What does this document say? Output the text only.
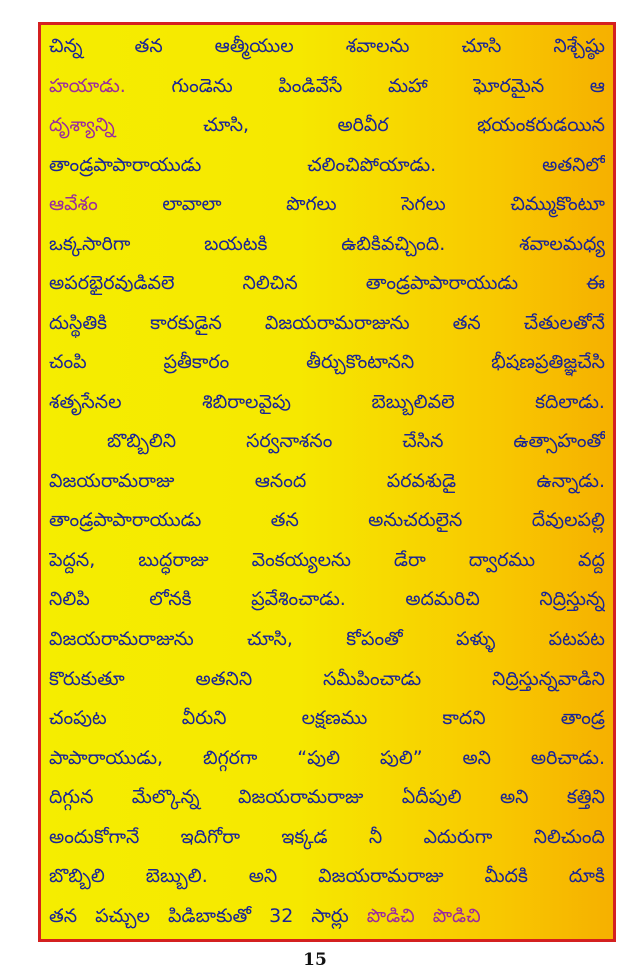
చిన్న	తన	ఆత్మీయుల	శవాలను	చూసి	నిశ్చేష్ఠు
హయాడు. గుండెను పిండివేసే మహా ఘోరమైన ఆ
దృశ్యాన్ని	చూసి,	అరివీర	భయంకరుడయిన
తాండ్రపాపారాయుడు	చలించిపోయాడు.	అతనిలో
ఆవేశం	లావాలా	పొగలు	సెగలు	చిమ్ముకొంటూ
ఒక్కసారిగా	బయటకి	ఉబికివచ్చింది.	శవాలమధ్య
అపరభైరవుడివలె	నిలిచిన	తాండ్రపాపారాయుడు	ఈ
దుస్థితికి కారకుడైన విజయరామరాజును తన చేతులతోనే
చంపి	ప్రతీకారం	తీర్చుకొంటానని	భీషణప్రతిజ్ఞచేసి
శతృసేనల	శిబిరాలవైపు	బెబ్బులివలె	కదిలాడు.
బొబ్బిలిని	సర్వనాశనం	చేసిన	ఉత్సాహంతో
విజయరామరాజు	ఆనంద	పరవశుడై	ఉన్నాడు.
తాండ్రపాపారాయుడు	తన	అనుచరులైన	దేవులపల్లి
పెద్దన, బుద్ధరాజు వెంకయ్యలను డేరా ద్వారము వద్ద
నిలిపి	లోనకి	ప్రవేశించాడు.	అదమరిచి	నిద్రిస్తున్న
విజయరామరాజును	చూసి,	కోపంతో	పళ్ళు	పటపట
కొరుకుతూ	అతనిని	సమీపించాడు	నిద్రిస్తున్నవాడిని
చంపుట	వీరుని	లక్షణము	కాదని	తాండ్ర
పాపారాయుడు, బిగ్గరగా “పులి పులి” అని అరిచాడు.
దిగ్గున మేల్కొన్న విజయరామరాజు ఏదీపులి అని కత్తిని
అందుకోగానే ఇదిగోరా ఇక్కడ నీ ఎదురుగా నిలిచుంది
బొబ్బిలి బెబ్బులి. అని విజయరామరాజు మీదకి దూకి
తన పచ్చుల పిడిబాకుతో 32 సార్లు పొడిచి పొడిచి
15
